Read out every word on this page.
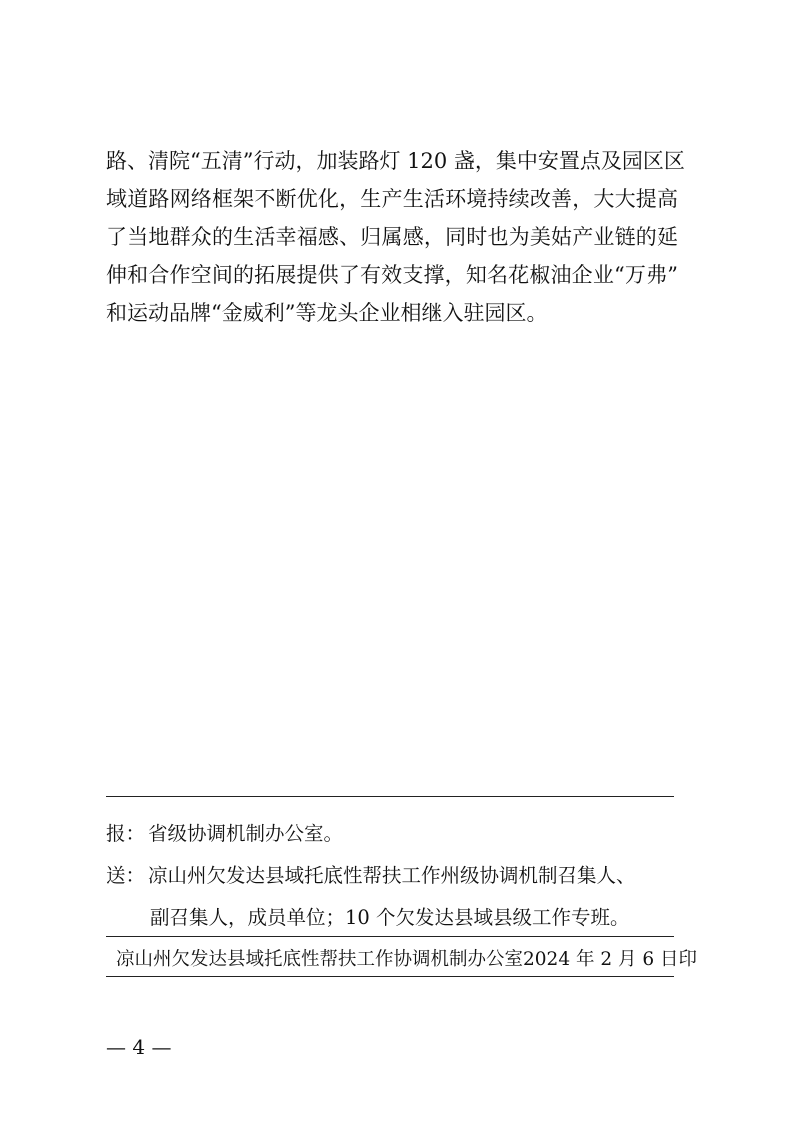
路、清院“五清”行动，加装路灯 120 盏，集中安置点及园区区
域道路网络框架不断优化，生产生活环境持续改善，大大提高
了当地群众的生活幸福感、归属感，同时也为美姑产业链的延
伸和合作空间的拓展提供了有效支撑，知名花椒油企业“万弗”
和运动品牌“金威利”等龙头企业相继入驻园区。
报： 省级协调机制办公室。
送： 凉山州欠发达县域托底性帮扶工作州级协调机制召集人、
副召集人，成员单位；10 个欠发达县域县级工作专班。
凉山州欠发达县域托底性帮扶工作协调机制办公室 2024 年 2 月 6 日印
— 4 —
